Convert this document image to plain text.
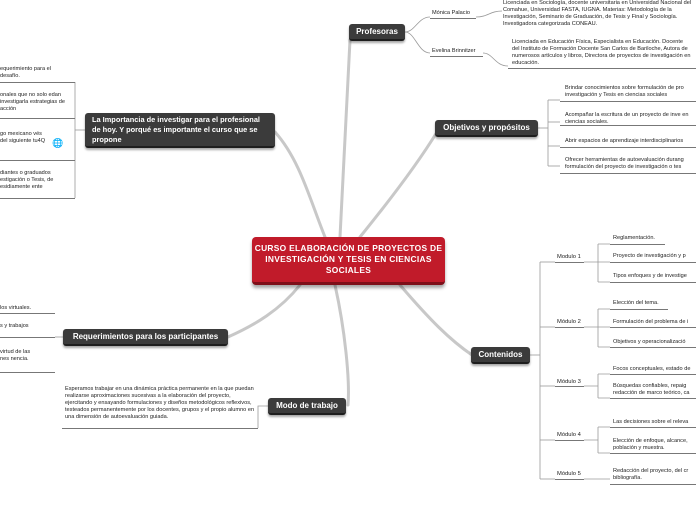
CURSO ELABORACIÓN DE PROYECTOS DE INVESTIGACIÓN Y TESIS EN CIENCIAS SOCIALES
Profesoras
Mónica Palacio
Evelina Brinnitzer
Licenciada en Sociología, docente universitaria en Universidad Nacional del Comahue, Universidad FASTA, IUGNA. Materias: Metodología de la Investigación, Seminario de Graduación, de Tesis y Final y Sociología. Investigadora categorizada CONEAU.
Licenciada en Educación Física, Especialista en Educación. Docente del Instituto de Formación Docente San Carlos de Bariloche, Autora de numerosos artículos y libros, Directora de proyectos de investigación en educación.
Objetivos y propósitos
Brindar conocimientos sobre formulación de pro investigación y Tesis en ciencias sociales
Acompañar la escritura de un proyecto de inve en ciencias sociales.
Abrir espacios de aprendizaje interdisciplinarios
Ofrecer herramientas de autoevaluación durang formulación del proyecto de investigación o tes
La Importancia de investigar para el profesional de hoy. Y porqué es importante el curso que se propone
equerimiento para el desafío.
onales que no solo edan investigarla estrategias de acción
go mexicano vés del siguiente tu4Q 🌐
diantes o graduados estigación o Tesis, de esidiamente ente
Requerimientos para los participantes
los virtuales.
s y trabajos
virtud de las nes nencia.
Modo de trabajo
Esperamos trabajar en una dinámica práctica permanente en la que puedan realizarse aproximaciones sucesivas a la elaboración del proyecto, ejercitando y ensayando formulaciones y diseños metodológicos reflexivos, testeados permanentemente por los docentes, grupos y el propio alumno en una dimensión de autoevaluación guiada.
Contenidos
Modulo 1
Reglamentación.
Proyecto de investigación y p
Tipos enfoques y de investige
Módulo 2
Elección del tema.
Formulación del problema de i
Objetivos y operacionalizació
Módulo 3
Focos conceptuales, estado de
Búsquedas confiables, repaig redacción de marco teórico, ca
Módulo 4
Las decisiones sobre el releva
Elección de enfoque, alcance, población y muestra.
Módulo 5	Redacción del proyecto, del cr bibliografía.
